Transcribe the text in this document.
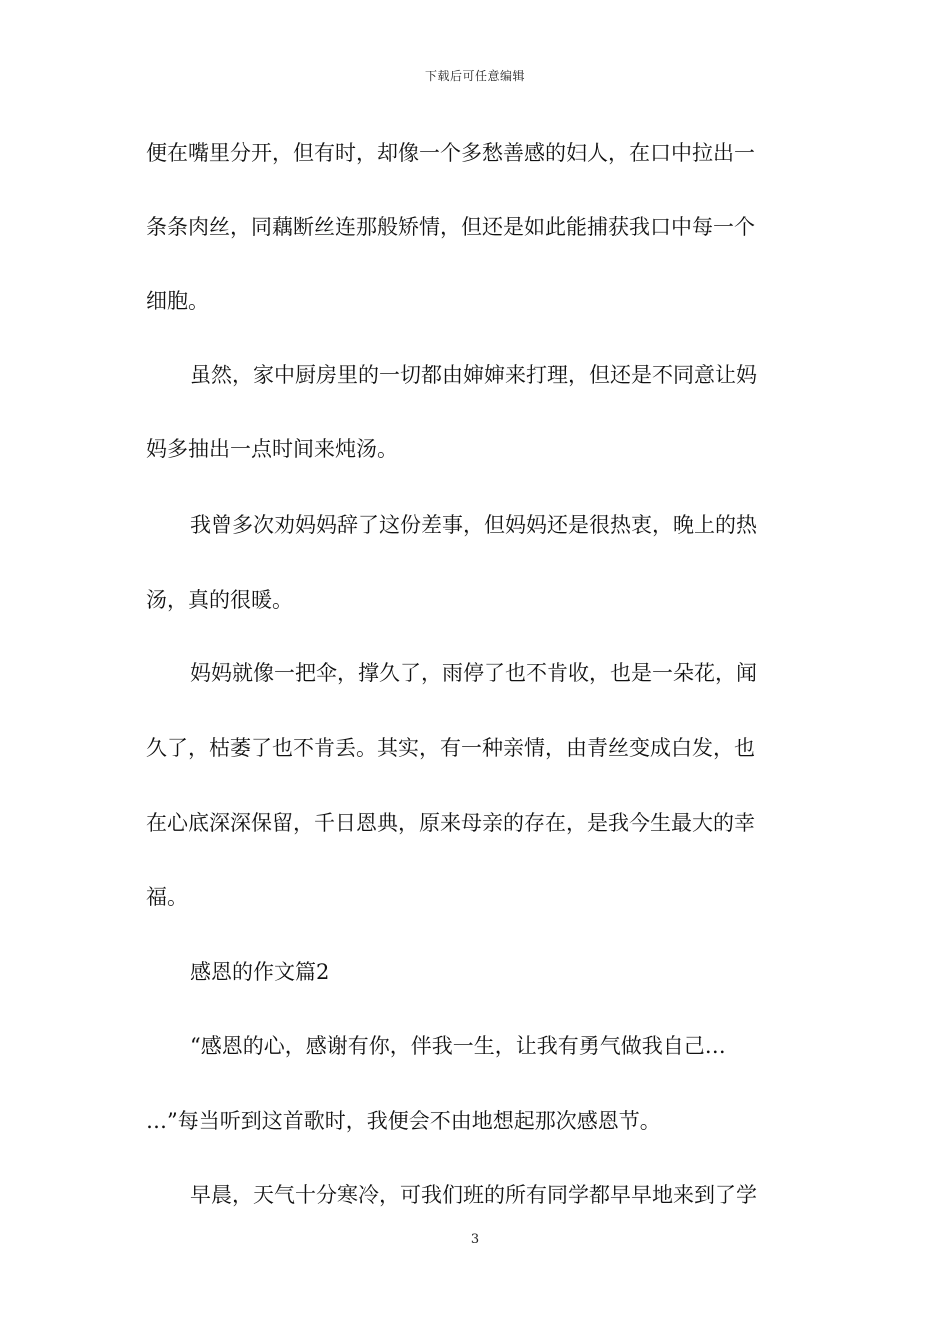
下载后可任意编辑
便在嘴里分开，但有时，却像一个多愁善感的妇人，在口中拉出一
条条肉丝，同藕断丝连那般矫情，但还是如此能捕获我口中每一个
细胞。
虽然，家中厨房里的一切都由婶婶来打理，但还是不同意让妈
妈多抽出一点时间来炖汤。
我曾多次劝妈妈辞了这份差事，但妈妈还是很热衷，晚上的热
汤，真的很暖。
妈妈就像一把伞，撑久了，雨停了也不肯收，也是一朵花，闻
久了，枯萎了也不肯丢。其实，有一种亲情，由青丝变成白发，也
在心底深深保留，千日恩典，原来母亲的存在，是我今生最大的幸
福。
感恩的作文篇2
“感恩的心，感谢有你，伴我一生，让我有勇气做我自己…
…”每当听到这首歌时，我便会不由地想起那次感恩节。
早晨，天气十分寒冷，可我们班的所有同学都早早地来到了学
3
